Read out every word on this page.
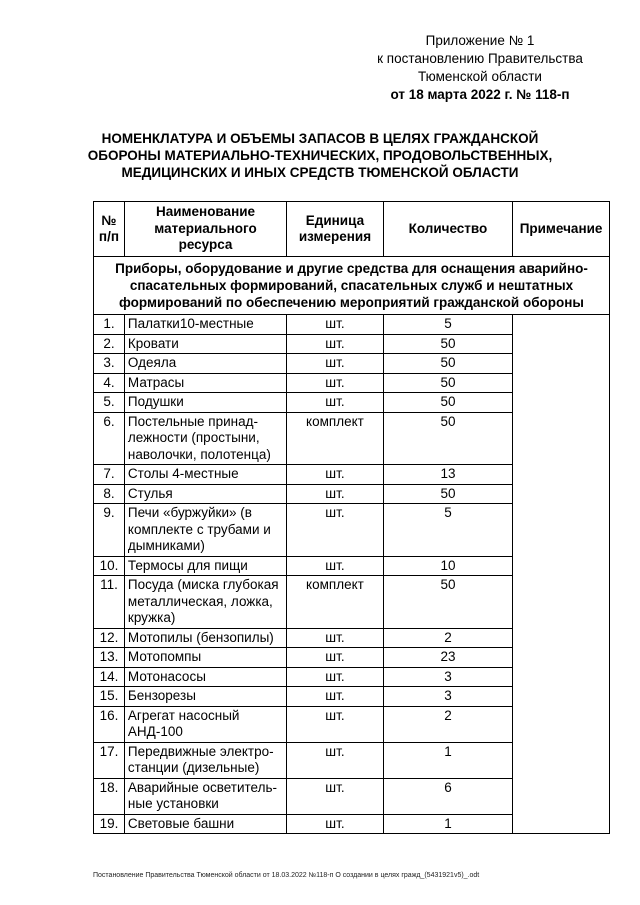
Приложение № 1
к постановлению Правительства
Тюменской области
от 18 марта 2022 г. № 118-п
НОМЕНКЛАТУРА И ОБЪЕМЫ ЗАПАСОВ В ЦЕЛЯХ ГРАЖДАНСКОЙ ОБОРОНЫ МАТЕРИАЛЬНО-ТЕХНИЧЕСКИХ, ПРОДОВОЛЬСТВЕННЫХ, МЕДИЦИНСКИХ И ИНЫХ СРЕДСТВ ТЮМЕНСКОЙ ОБЛАСТИ
№ п/п	Наименование материального ресурса	Единица измерения	Количество	Примечание
Приборы, оборудование и другие средства для оснащения аварийно-спасательных формирований, спасательных служб и нештатных формирований по обеспечению мероприятий гражданской обороны				
1.	Палатки10-местные	шт.	5	
2.	Кровати	шт.	50	
3.	Одеяла	шт.	50	
4.	Матрасы	шт.	50	
5.	Подушки	шт.	50	
6.	Постельные принад-лежности (простыни, наволочки, полотенца)	комплект	50	
7.	Столы 4-местные	шт.	13	
8.	Стулья	шт.	50	
9.	Печи «буржуйки» (в комплекте с трубами и дымниками)	шт.	5	
10.	Термосы для пищи	шт.	10	
11.	Посуда (миска глубокая металлическая, ложка, кружка)	комплект	50	
12.	Мотопилы (бензопилы)	шт.	2	
13.	Мотопомпы	шт.	23	
14.	Мотонасосы	шт.	3	
15.	Бензорезы	шт.	3	
16.	Агрегат насосный АНД-100	шт.	2	
17.	Передвижные электро-станции (дизельные)	шт.	1	
18.	Аварийные осветитель-ные установки	шт.	6	
19.	Световые башни	шт.	1	
Постановление Правительства Тюменской области от 18.03.2022 №118-п О создании в целях гражд_(5431921v5)_.odt
